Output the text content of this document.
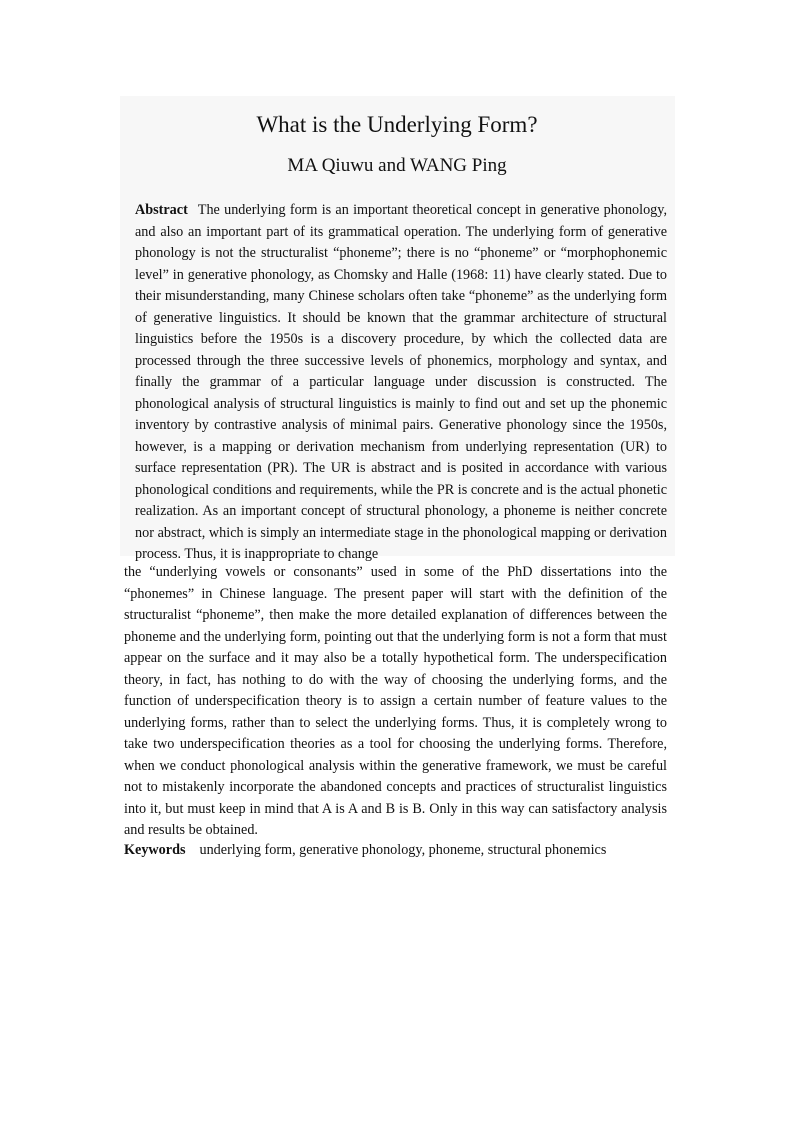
What is the Underlying Form?
MA Qiuwu and WANG Ping

Abstract The underlying form is an important theoretical concept in generative phonology, and also an important part of its grammatical operation. The underlying form of generative phonology is not the structuralist “phoneme”; there is no “phoneme” or “morphophonemic level” in generative phonology, as Chomsky and Halle (1968: 11) have clearly stated. Due to their misunderstanding, many Chinese scholars often take “phoneme” as the underlying form of generative linguistics. It should be known that the grammar architecture of structural linguistics before the 1950s is a discovery procedure, by which the collected data are processed through the three successive levels of phonemics, morphology and syntax, and finally the grammar of a particular language under discussion is constructed. The phonological analysis of structural linguistics is mainly to find out and set up the phonemic inventory by contrastive analysis of minimal pairs. Generative phonology since the 1950s, however, is a mapping or derivation mechanism from underlying representation (UR) to surface representation (PR). The UR is abstract and is posited in accordance with various phonological conditions and requirements, while the PR is concrete and is the actual phonetic realization. As an important concept of structural phonology, a phoneme is neither concrete nor abstract, which is simply an intermediate stage in the phonological mapping or derivation process. Thus, it is inappropriate to change

the “underlying vowels or consonants” used in some of the PhD dissertations into the “phonemes” in Chinese language. The present paper will start with the definition of the structuralist “phoneme”, then make the more detailed explanation of differences between the phoneme and the underlying form, pointing out that the underlying form is not a form that must appear on the surface and it may also be a totally hypothetical form. The underspecification theory, in fact, has nothing to do with the way of choosing the underlying forms, and the function of underspecification theory is to assign a certain number of feature values to the underlying forms, rather than to select the underlying forms. Thus, it is completely wrong to take two underspecification theories as a tool for choosing the underlying forms. Therefore, when we conduct phonological analysis within the generative framework, we must be careful not to mistakenly incorporate the abandoned concepts and practices of structuralist linguistics into it, but must keep in mind that A is A and B is B. Only in this way can satisfactory analysis and results be obtained.

Keywords underlying form, generative phonology, phoneme, structural phonemics
